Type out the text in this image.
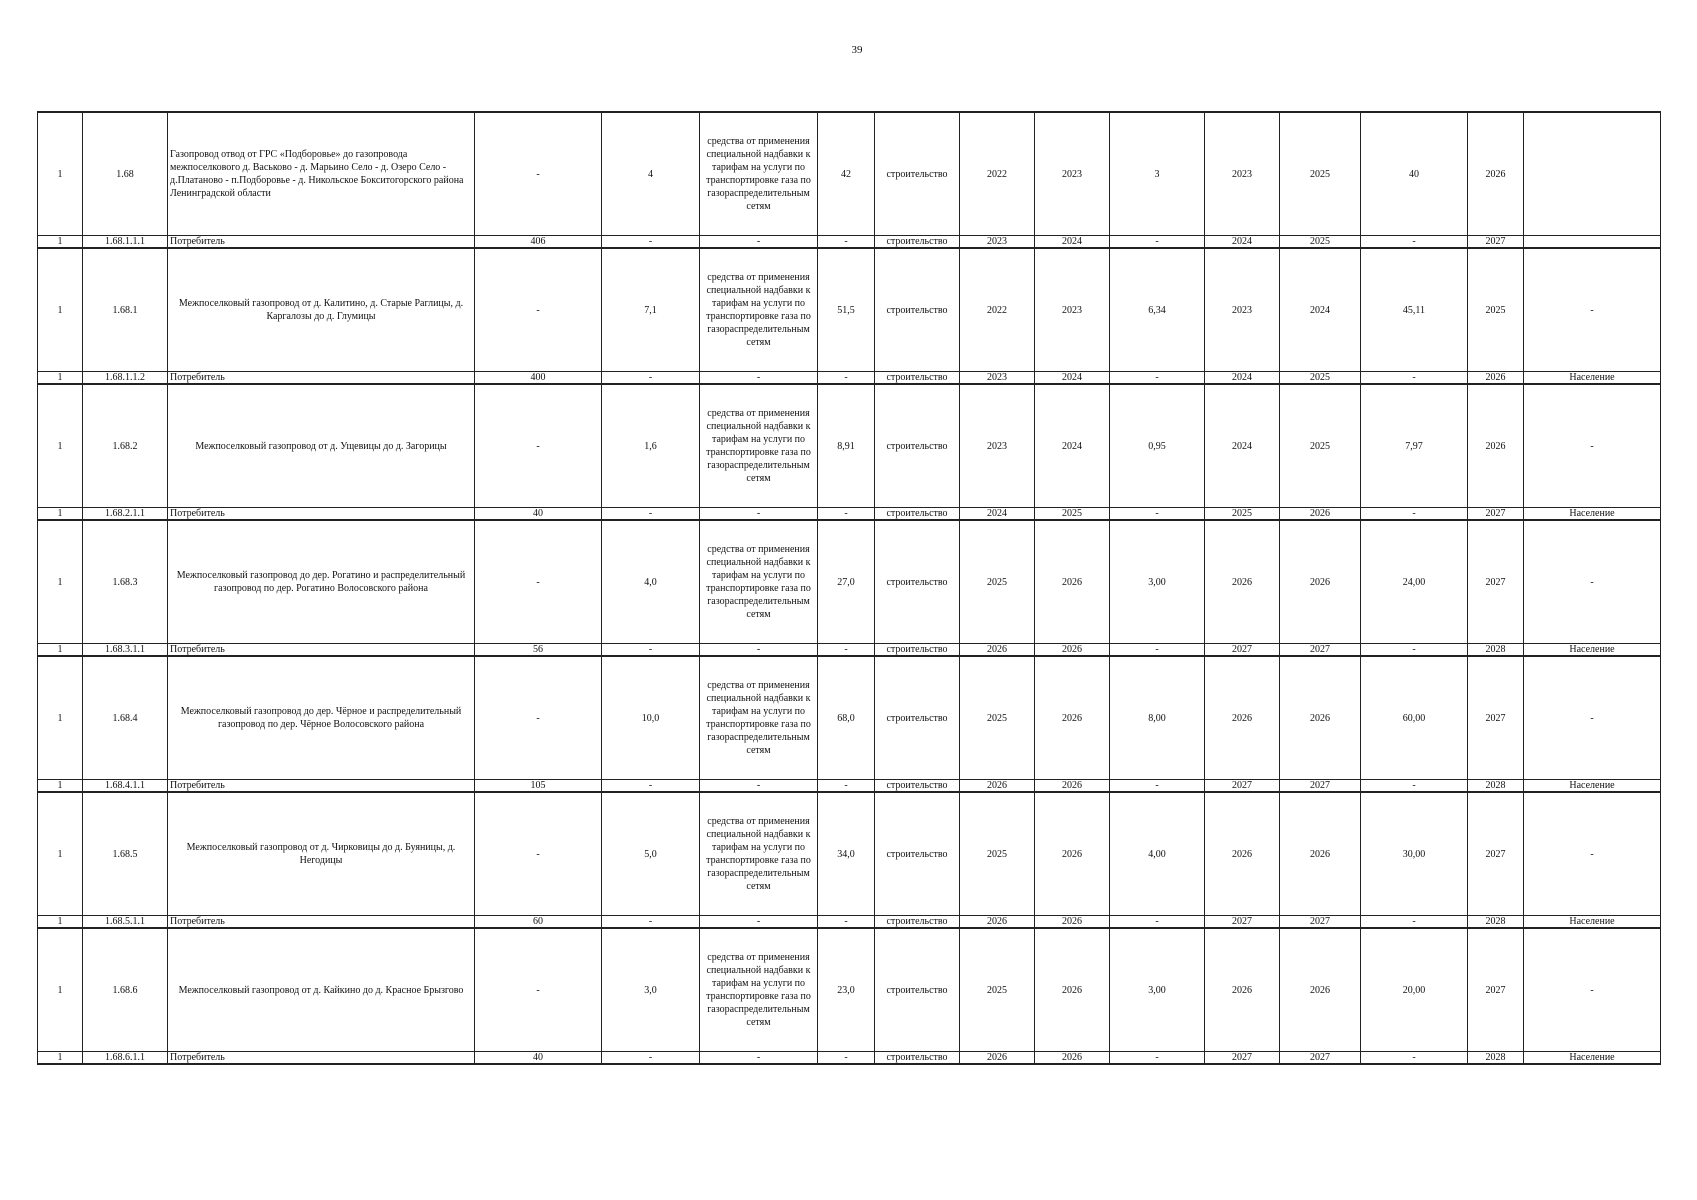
39
1	1.68	Газопровод отвод от ГРС «Подборовье» до газопровода межпоселкового д. Васьково - д. Марьино Село - д. Озеро Село - д.Платаново - п.Подборовье - д. Никольское Бокситогорского района Ленинградской области	-	4	средства от применения специальной надбавки к тарифам на услуги по транспортировке газа по газораспределительным сетям	42	строительство	2022	2023	3	2023	2025	40	2026	
1	1.68.1.1.1	Потребитель	406	-	-	-	строительство	2023	2024	-	2024	2025	-	2027	
1	1.68.1	Межпоселковый газопровод от д. Калитино, д. Старые Раглицы, д. Каргалозы до д. Глумицы	-	7,1	средства от применения специальной надбавки к тарифам на услуги по транспортировке газа по газораспределительным сетям	51,5	строительство	2022	2023	6,34	2023	2024	45,11	2025	-
1	1.68.1.1.2	Потребитель	400	-	-	-	строительство	2023	2024	-	2024	2025	-	2026	Население
1	1.68.2	Межпоселковый газопровод от д. Ущевицы до д. Загорицы	-	1,6	средства от применения специальной надбавки к тарифам на услуги по транспортировке газа по газораспределительным сетям	8,91	строительство	2023	2024	0,95	2024	2025	7,97	2026	-
1	1.68.2.1.1	Потребитель	40	-	-	-	строительство	2024	2025	-	2025	2026	-	2027	Население
1	1.68.3	Межпоселковый газопровод до дер. Рогатино и распределительный газопровод по дер. Рогатино Волосовского района	-	4,0	средства от применения специальной надбавки к тарифам на услуги по транспортировке газа по газораспределительным сетям	27,0	строительство	2025	2026	3,00	2026	2026	24,00	2027	-
1	1.68.3.1.1	Потребитель	56	-	-	-	строительство	2026	2026	-	2027	2027	-	2028	Население
1	1.68.4	Межпоселковый газопровод до дер. Чёрное и распределительный газопровод по дер. Чёрное Волосовского района	-	10,0	средства от применения специальной надбавки к тарифам на услуги по транспортировке газа по газораспределительным сетям	68,0	строительство	2025	2026	8,00	2026	2026	60,00	2027	-
1	1.68.4.1.1	Потребитель	105	-	-	-	строительство	2026	2026	-	2027	2027	-	2028	Население
1	1.68.5	Межпоселковый газопровод от д. Чирковицы до д. Буяницы, д. Негодицы	-	5,0	средства от применения специальной надбавки к тарифам на услуги по транспортировке газа по газораспределительным сетям	34,0	строительство	2025	2026	4,00	2026	2026	30,00	2027	-
1	1.68.5.1.1	Потребитель	60	-	-	-	строительство	2026	2026	-	2027	2027	-	2028	Население
1	1.68.6	Межпоселковый газопровод от д. Кайкино до д. Красное Брызгово	-	3,0	средства от применения специальной надбавки к тарифам на услуги по транспортировке газа по газораспределительным сетям	23,0	строительство	2025	2026	3,00	2026	2026	20,00	2027	-
1	1.68.6.1.1	Потребитель	40	-	-	-	строительство	2026	2026	-	2027	2027	-	2028	Население
